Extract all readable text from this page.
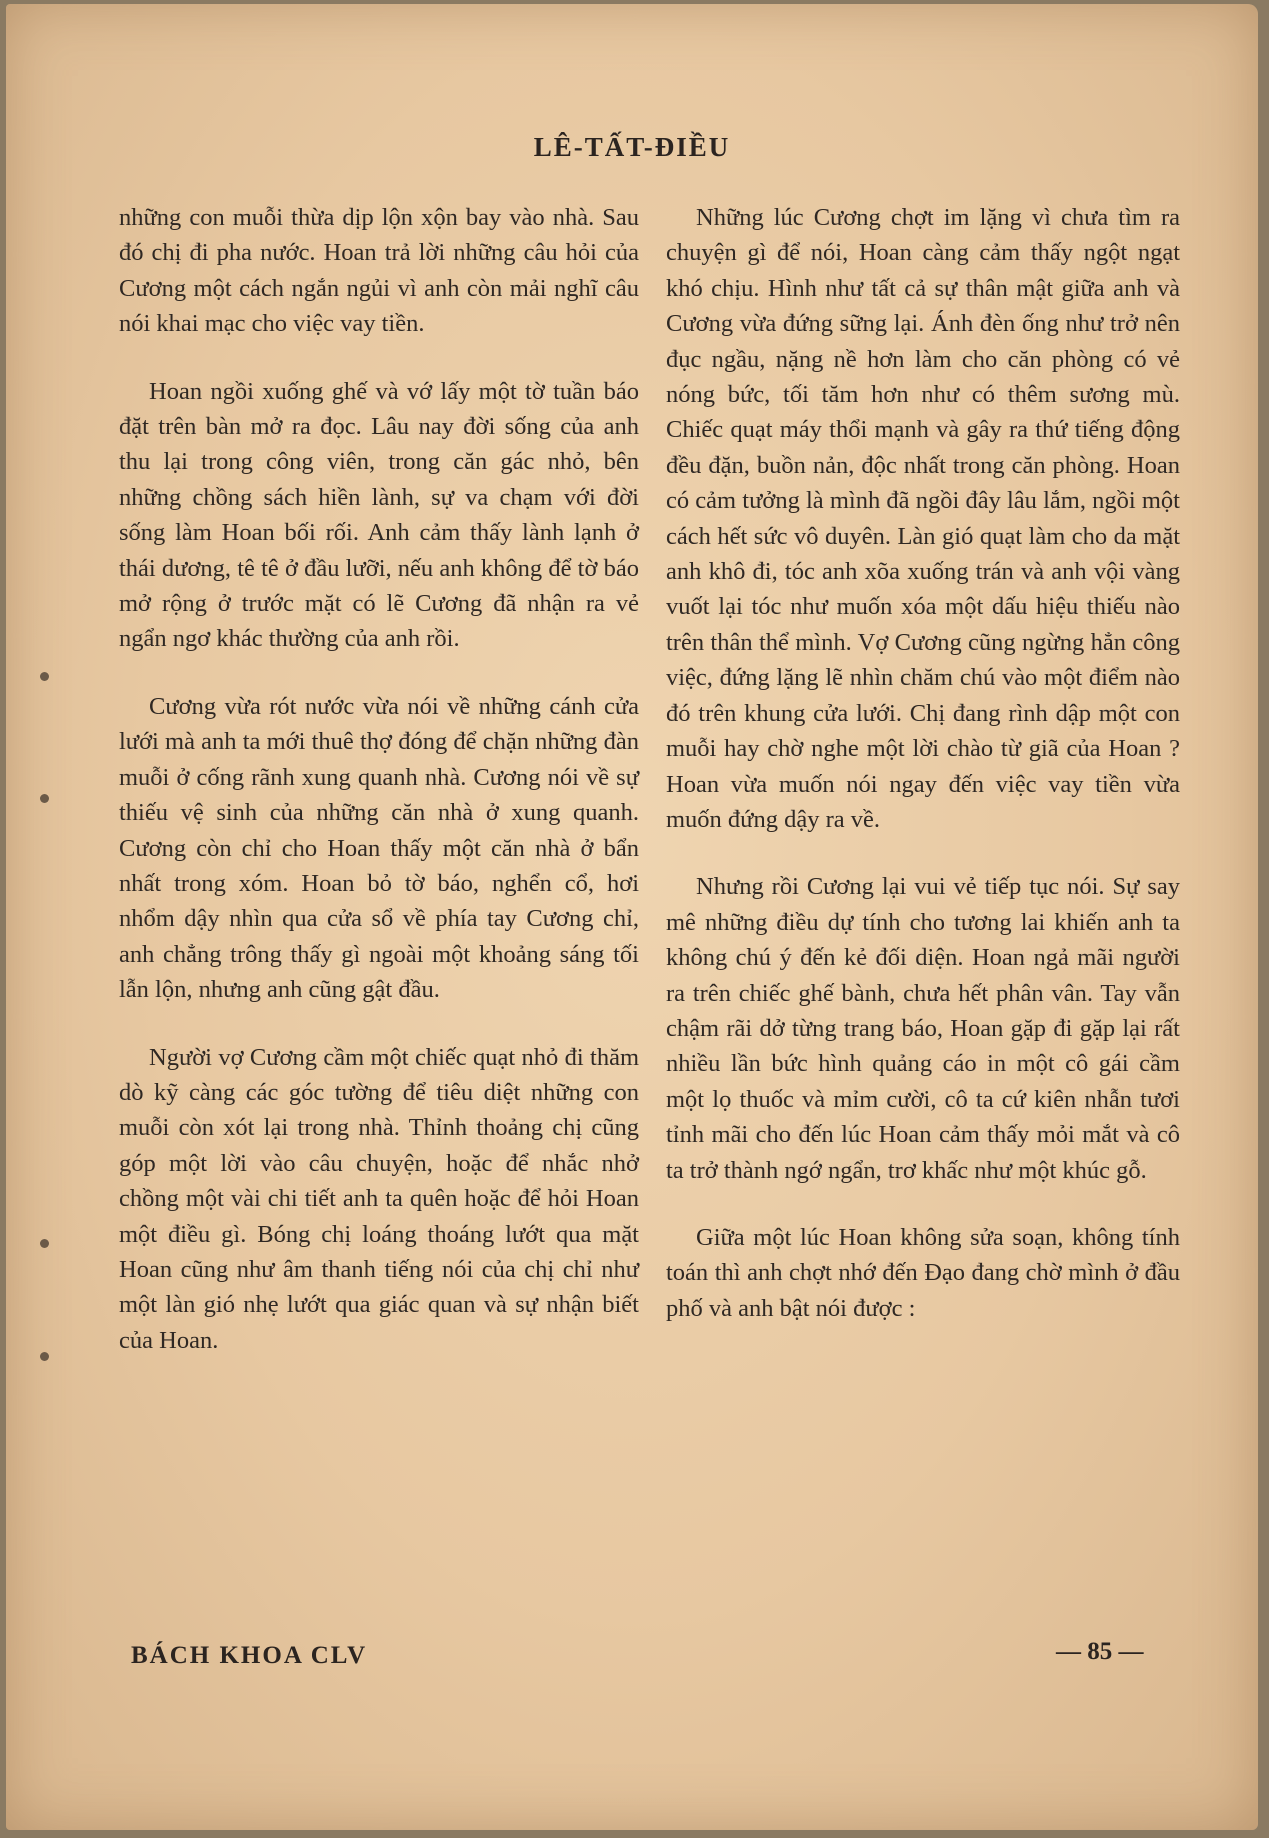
LÊ-TẤT-ĐIỀU

những con muỗi thừa dịp lộn xộn bay vào nhà. Sau đó chị đi pha nước. Hoan trả lời những câu hỏi của Cương một cách ngắn ngủi vì anh còn mải nghĩ câu nói khai mạc cho việc vay tiền.

Hoan ngồi xuống ghế và vớ lấy một tờ tuần báo đặt trên bàn mở ra đọc. Lâu nay đời sống của anh thu lại trong công viên, trong căn gác nhỏ, bên những chồng sách hiền lành, sự va chạm với đời sống làm Hoan bối rối. Anh cảm thấy lành lạnh ở thái dương, tê tê ở đầu lưỡi, nếu anh không để tờ báo mở rộng ở trước mặt có lẽ Cương đã nhận ra vẻ ngẩn ngơ khác thường của anh rồi.

Cương vừa rót nước vừa nói về những cánh cửa lưới mà anh ta mới thuê thợ đóng để chặn những đàn muỗi ở cống rãnh xung quanh nhà. Cương nói về sự thiếu vệ sinh của những căn nhà ở xung quanh. Cương còn chỉ cho Hoan thấy một căn nhà ở bẩn nhất trong xóm. Hoan bỏ tờ báo, nghển cổ, hơi nhổm dậy nhìn qua cửa sổ về phía tay Cương chỉ, anh chẳng trông thấy gì ngoài một khoảng sáng tối lẫn lộn, nhưng anh cũng gật đầu.

Người vợ Cương cầm một chiếc quạt nhỏ đi thăm dò kỹ càng các góc tường để tiêu diệt những con muỗi còn xót lại trong nhà. Thỉnh thoảng chị cũng góp một lời vào câu chuyện, hoặc để nhắc nhở chồng một vài chi tiết anh ta quên hoặc để hỏi Hoan một điều gì. Bóng chị loáng thoáng lướt qua mặt Hoan cũng như âm thanh tiếng nói của chị chỉ như một làn gió nhẹ lướt qua giác quan và sự nhận biết của Hoan.

Những lúc Cương chợt im lặng vì chưa tìm ra chuyện gì để nói, Hoan càng cảm thấy ngột ngạt khó chịu. Hình như tất cả sự thân mật giữa anh và Cương vừa đứng sững lại. Ánh đèn ống như trở nên đục ngầu, nặng nề hơn làm cho căn phòng có vẻ nóng bức, tối tăm hơn như có thêm sương mù. Chiếc quạt máy thổi mạnh và gây ra thứ tiếng động đều đặn, buồn nản, độc nhất trong căn phòng. Hoan có cảm tưởng là mình đã ngồi đây lâu lắm, ngồi một cách hết sức vô duyên. Làn gió quạt làm cho da mặt anh khô đi, tóc anh xõa xuống trán và anh vội vàng vuốt lại tóc như muốn xóa một dấu hiệu thiếu nào trên thân thể mình. Vợ Cương cũng ngừng hẳn công việc, đứng lặng lẽ nhìn chăm chú vào một điểm nào đó trên khung cửa lưới. Chị đang rình dập một con muỗi hay chờ nghe một lời chào từ giã của Hoan ? Hoan vừa muốn nói ngay đến việc vay tiền vừa muốn đứng dậy ra về.

Nhưng rồi Cương lại vui vẻ tiếp tục nói. Sự say mê những điều dự tính cho tương lai khiến anh ta không chú ý đến kẻ đối diện. Hoan ngả mãi người ra trên chiếc ghế bành, chưa hết phân vân. Tay vẫn chậm rãi dở từng trang báo, Hoan gặp đi gặp lại rất nhiều lần bức hình quảng cáo in một cô gái cầm một lọ thuốc và mỉm cười, cô ta cứ kiên nhẫn tươi tỉnh mãi cho đến lúc Hoan cảm thấy mỏi mắt và cô ta trở thành ngớ ngẩn, trơ khấc như một khúc gỗ.

Giữa một lúc Hoan không sửa soạn, không tính toán thì anh chợt nhớ đến Đạo đang chờ mình ở đầu phố và anh bật nói được :

BÁCH KHOA CLV	— 85 —
